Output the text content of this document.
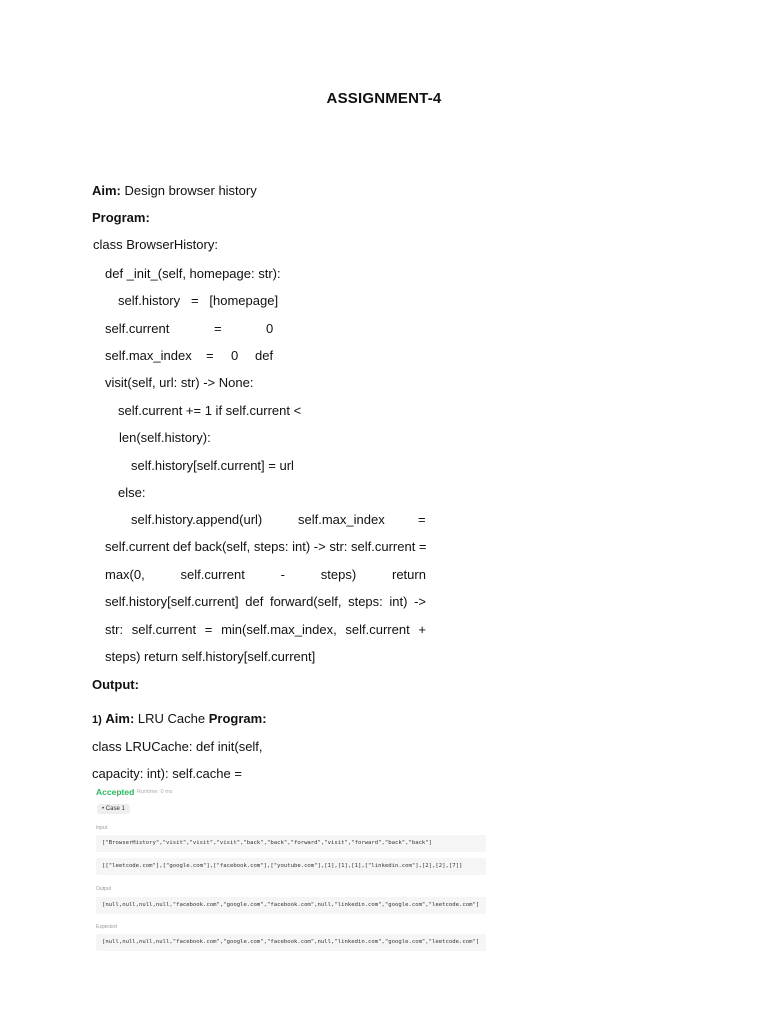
ASSIGNMENT-4
Aim: Design browser history
Program:
class BrowserHistory:
def _init_(self, homepage: str):
self.history   =   [homepage]
self.current	=	0
self.max_index = 0 def
visit(self, url: str) -> None:
self.current += 1 if self.current <
len(self.history):
self.history[self.current] = url
else:
self.history.append(url)	self.max_index	=
self.current def back(self, steps: int) -> str: self.current =
max(0,	self.current	-	steps)	return
self.history[self.current] def forward(self, steps: int) ->
str: self.current = min(self.max_index, self.current +
steps) return self.history[self.current]
Output:
1) Aim: LRU Cache Program:
class LRUCache: def init(self,
capacity: int): self.cache =
Accepted Runtime: 0 ms
• Case 1
Input
["BrowserHistory","visit","visit","visit","back","back","forward","visit","forward","back","back"]
[["leetcode.com"],["google.com"],["facebook.com"],["youtube.com"],[1],[1],[1],["linkedin.com"],[2],[2],[7]]
Output
[null,null,null,null,"facebook.com","google.com","facebook.com",null,"linkedin.com","google.com","leetcode.com"]
Expected
[null,null,null,null,"facebook.com","google.com","facebook.com",null,"linkedin.com","google.com","leetcode.com"]
